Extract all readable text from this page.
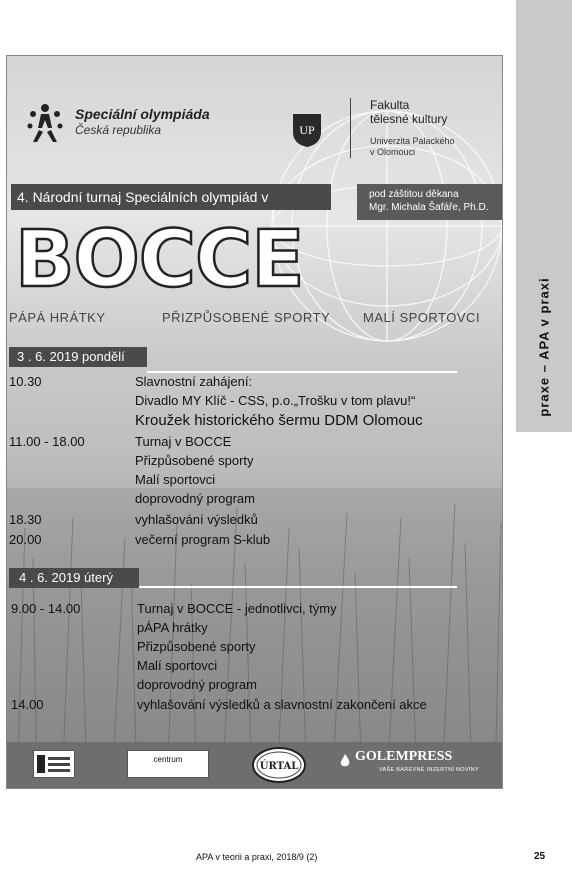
praxe – APA v praxi
Speciální olympiáda
Česká republika	UP
Fakulta
tělesné kultury
Univerzita Palackého
v Olomouci
4. Národní turnaj Speciálních olympiád v	pod záštitou děkana
Mgr. Michala Šafáře, Ph.D.
BOCCE
PÁPÁ HRÁTKY	PŘIZPŮSOBENÉ SPORTY	MALÍ SPORTOVCI
3 . 6. 2019 pondělí
10.30	Slavnostní zahájení:
Divadlo MY Klíč - CSS, p.o.„Trošku v tom plavu!“
Kroužek historického šermu DDM Olomouc
11.00 - 18.00	Turnaj v BOCCE
Přizpůsobené sporty
Malí sportovci
doprovodný program
18.30	vyhlašování výsledků
20.00	večerní program S-klub
4 . 6. 2019 úterý
9.00 - 14.00	Turnaj v BOCCE - jednotlivci, týmy
pÁPA hrátky
Přizpůsobené sporty
Malí sportovci
doprovodný program
14.00	vyhlašování výsledků a slavnostní zakončení akce
centrum
ÚRTAL
GOLEMPRESS
VAŠE BAREVNÉ INZERTNÍ NOVINY
APA v teorii a praxi, 2018/9 (2)	25
